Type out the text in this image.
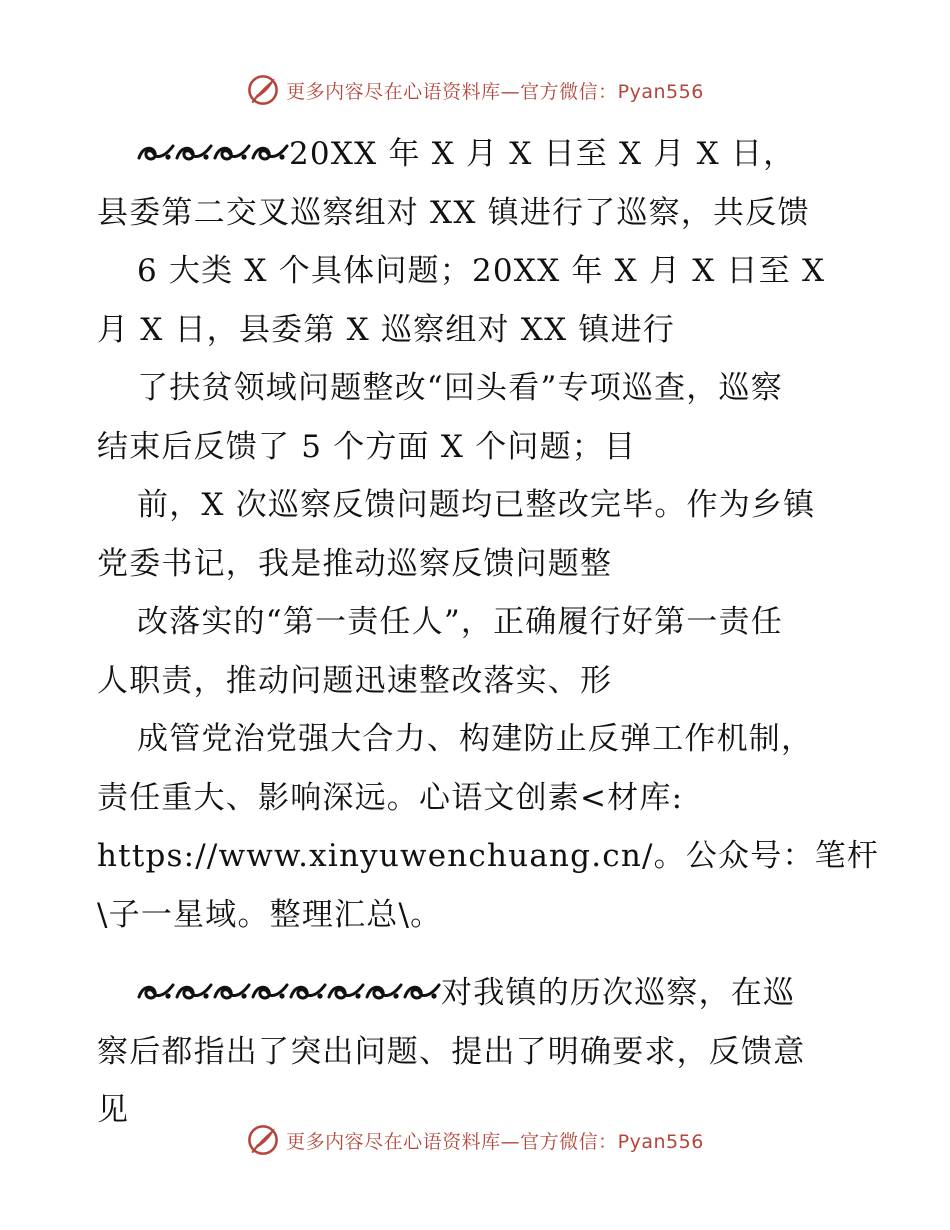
更多内容尽在心语资料库—官方微信：Pyan556
20XX 年 X 月 X 日至 X 月 X 日，
县委第二交叉巡察组对 XX 镇进行了巡察，共反馈
6 大类 X 个具体问题；20XX 年 X 月 X 日至 X
月 X 日，县委第 X 巡察组对 XX 镇进行
了扶贫领域问题整改“回头看”专项巡查，巡察
结束后反馈了 5 个方面 X 个问题；目
前，X 次巡察反馈问题均已整改完毕。作为乡镇
党委书记，我是推动巡察反馈问题整
改落实的“第一责任人”，正确履行好第一责任
人职责，推动问题迅速整改落实、形
成管党治党强大合力、构建防止反弹工作机制，
责任重大、影响深远。心语文创素<材库:
https://www.xinyuwenchuang.cn/。公众号：笔杆
\子一星域。整理汇总\。
对我镇的历次巡察，在巡
察后都指出了突出问题、提出了明确要求，反馈意
见
更多内容尽在心语资料库—官方微信：Pyan556
